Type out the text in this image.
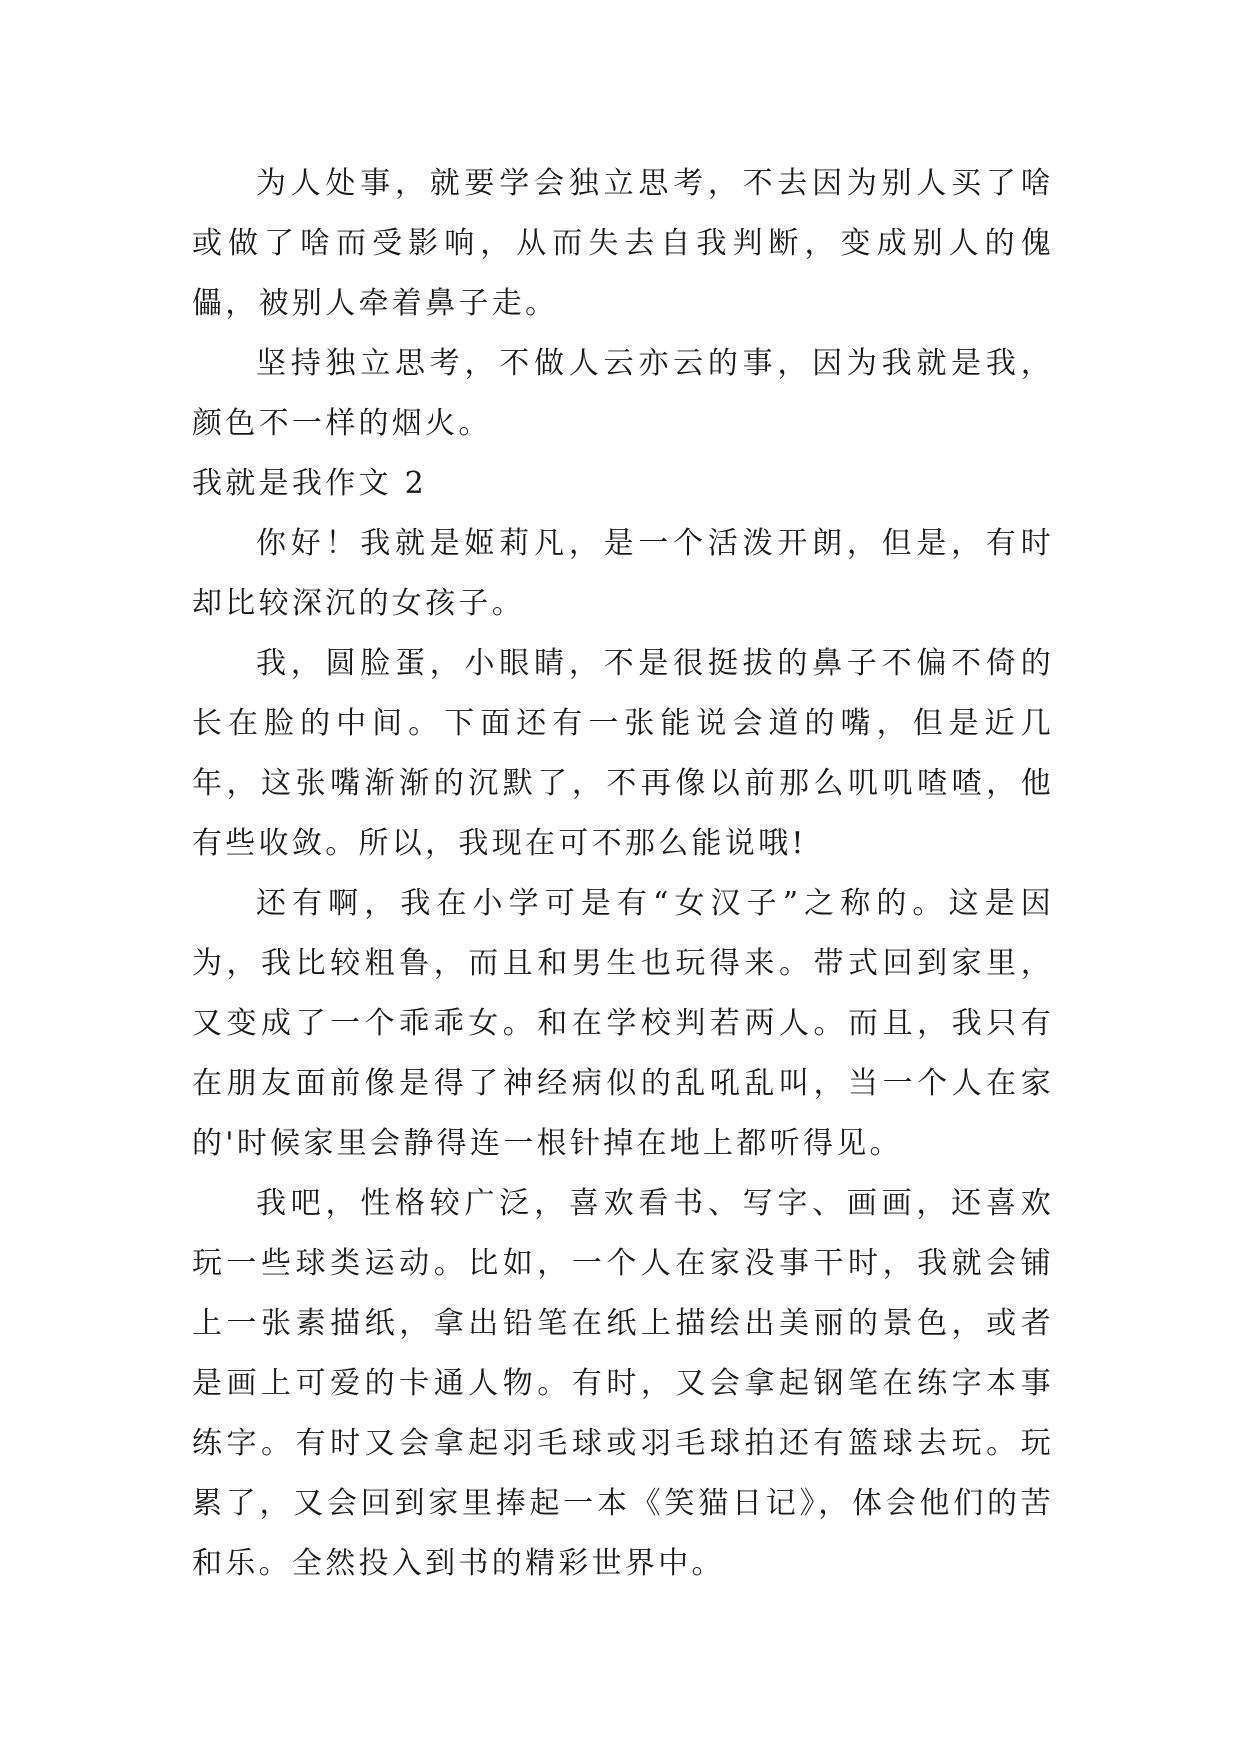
为人处事，就要学会独立思考，不去因为别人买了啥或做了啥而受影响，从而失去自我判断，变成别人的傀儡，被别人牵着鼻子走。

坚持独立思考，不做人云亦云的事，因为我就是我，颜色不一样的烟火。

我就是我作文 2

你好！我就是姬莉凡，是一个活泼开朗，但是，有时却比较深沉的女孩子。

我，圆脸蛋，小眼睛，不是很挺拔的鼻子不偏不倚的长在脸的中间。下面还有一张能说会道的嘴，但是近几年，这张嘴渐渐的沉默了，不再像以前那么叽叽喳喳，他有些收敛。所以，我现在可不那么能说哦!

还有啊，我在小学可是有“女汉子”之称的。这是因为，我比较粗鲁，而且和男生也玩得来。带式回到家里，又变成了一个乖乖女。和在学校判若两人。而且，我只有在朋友面前像是得了神经病似的乱吼乱叫，当一个人在家的'时候家里会静得连一根针掉在地上都听得见。

我吧，性格较广泛，喜欢看书、写字、画画，还喜欢玩一些球类运动。比如，一个人在家没事干时，我就会铺上一张素描纸，拿出铅笔在纸上描绘出美丽的景色，或者是画上可爱的卡通人物。有时，又会拿起钢笔在练字本事练字。有时又会拿起羽毛球或羽毛球拍还有篮球去玩。玩累了，又会回到家里捧起一本《笑猫日记》，体会他们的苦和乐。全然投入到书的精彩世界中。
